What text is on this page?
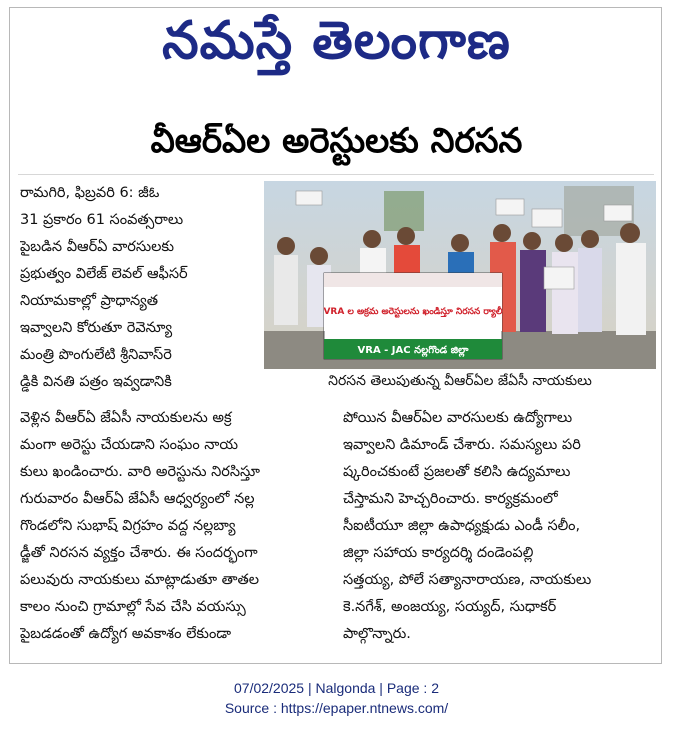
నమస్తే తెలంగాణ
వీఆర్ఏల అరెస్టులకు నిరసన

రామగిరి, ఫిబ్రవరి 6: జీఓ

31 ప్రకారం 61 సంవత్సరాలు

పైబడిన వీఆర్ఏ వారసులకు

ప్రభుత్వం విలేజ్ లెవల్ ఆఫీసర్

నియామకాల్లో ప్రాధాన్యత

ఇవ్వాలని కోరుతూ రెవెన్యూ

మంత్రి పొంగులేటి శ్రీనివాస్‌రె

డ్డికి వినతి పత్రం ఇవ్వడానికి

VRA ల అక్రమ అరెస్టులను ఖండిస్తూ నిరసన ర్యాలీ
VRA - JAC నల్లగొండ జిల్లా
నిరసన తెలుపుతున్న వీఆర్ఏల జేఏసీ నాయకులు

వెళ్లిన వీఆర్ఏ జేఏసీ నాయకులను అక్ర

మంగా అరెస్టు చేయడాని సంఘం నాయ

కులు ఖండించారు. వారి అరెస్టును నిరసిస్తూ

గురువారం వీఆర్ఏ జేఏసీ ఆధ్వర్యంలో నల్ల

గొండలోని సుభాష్ విగ్రహం వద్ద నల్లబ్యా

డ్జీతో నిరసన వ్యక్తం చేశారు. ఈ సందర్భంగా

పలువురు నాయకులు మాట్లాడుతూ తాతల

కాలం నుంచి గ్రామాల్లో సేవ చేసి వయస్సు

పైబడడంతో ఉద్యోగ అవకాశం లేకుండా

పోయిన వీఆర్ఏల వారసులకు ఉద్యోగాలు

ఇవ్వాలని డిమాండ్ చేశారు. సమస్యలు పరి

ష్కరించకుంటే ప్రజలతో కలిసి ఉద్యమాలు

చేస్తామని హెచ్చరించారు. కార్యక్రమంలో

సీఐటీయూ జిల్లా ఉపాధ్యక్షుడు ఎండీ సలీం,

జిల్లా సహాయ కార్యదర్శి దండెంపల్లి

సత్తయ్య, పోలే సత్యానారాయణ, నాయకులు

కె.నగేశ్, అంజయ్య, సయ్యద్, సుధాకర్

పాల్గొన్నారు.

07/02/2025 | Nalgonda | Page : 2
Source : https://epaper.ntnews.com/
